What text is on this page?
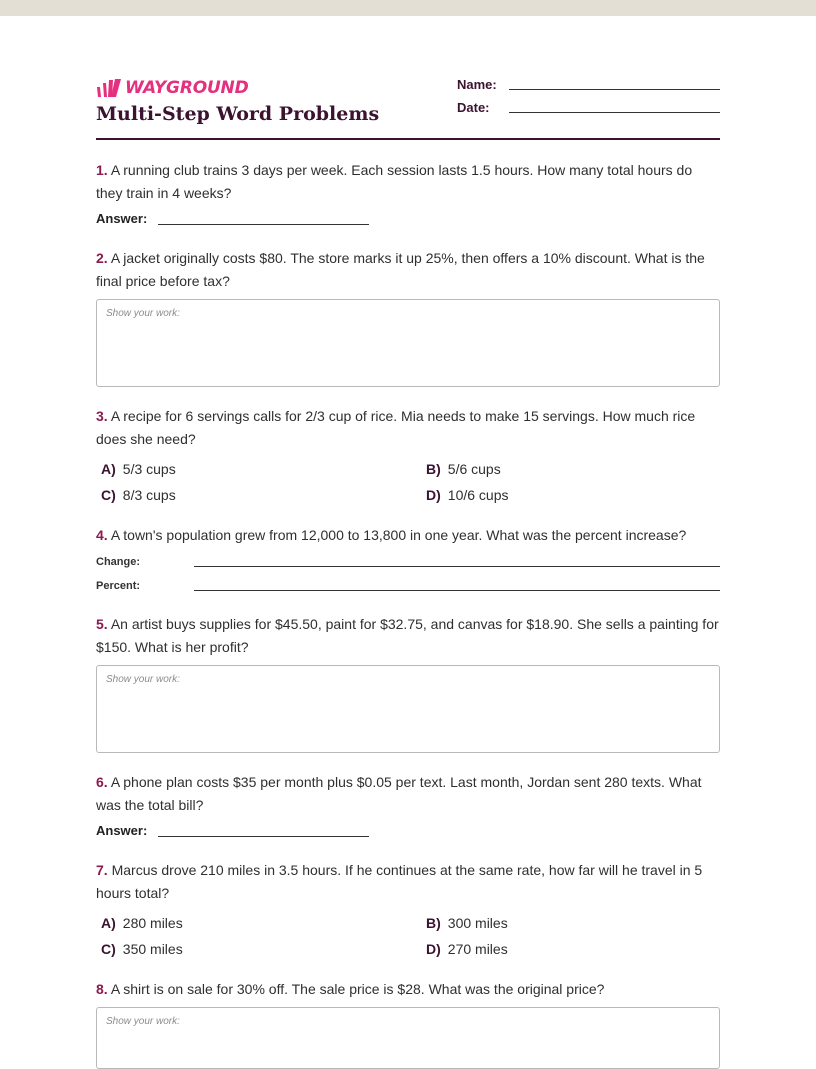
WAYGROUND
Multi-Step Word Problems
Name:
Date:
1. A running club trains 3 days per week. Each session lasts 1.5 hours. How many total hours do they train in 4 weeks?
Answer:
2. A jacket originally costs $80. The store marks it up 25%, then offers a 10% discount. What is the final price before tax?
Show your work:
3. A recipe for 6 servings calls for 2/3 cup of rice. Mia needs to make 15 servings. How much rice does she need?
A) 5/3 cups	B) 5/6 cups
C) 8/3 cups	D) 10/6 cups
4. A town's population grew from 12,000 to 13,800 in one year. What was the percent increase?
Change:
Percent:
5. An artist buys supplies for $45.50, paint for $32.75, and canvas for $18.90. She sells a painting for $150. What is her profit?
Show your work:
6. A phone plan costs $35 per month plus $0.05 per text. Last month, Jordan sent 280 texts. What was the total bill?
Answer:
7. Marcus drove 210 miles in 3.5 hours. If he continues at the same rate, how far will he travel in 5 hours total?
A) 280 miles	B) 300 miles
C) 350 miles	D) 270 miles
8. A shirt is on sale for 30% off. The sale price is $28. What was the original price?
Show your work:
